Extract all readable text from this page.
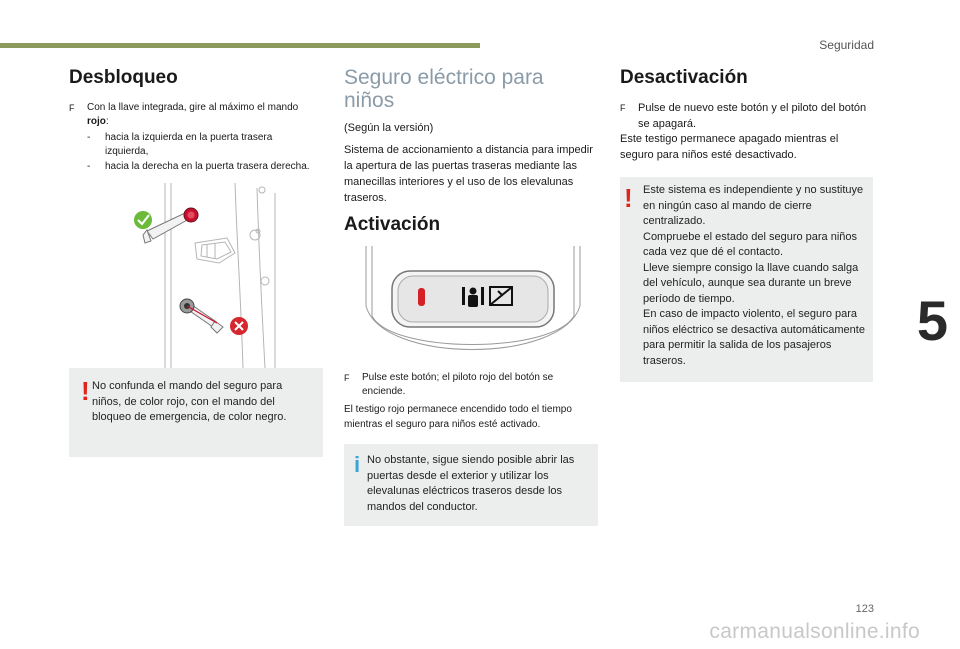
Seguridad
5
123
carmanualsonline.info
Desbloqueo
F	Con la llave integrada, gire al máximo el mando
rojo:
-	hacia la izquierda en la puerta trasera izquierda,
-	hacia la derecha en la puerta trasera derecha.
! No confunda el mando del seguro para niños, de color rojo, con el mando del bloqueo de emergencia, de color negro.
Seguro eléctrico para niños
(Según la versión)
Sistema de accionamiento a distancia para impedir la apertura de las puertas traseras mediante las manecillas interiores y el uso de los elevalunas traseros.
Activación
F	Pulse este botón; el piloto rojo del botón se enciende.
El testigo rojo permanece encendido todo el tiempo mientras el seguro para niños esté activado.
i No obstante, sigue siendo posible abrir las puertas desde el exterior y utilizar los elevalunas eléctricos traseros desde los mandos del conductor.
Desactivación
F	Pulse de nuevo este botón y el piloto del botón se apagará.
Este testigo permanece apagado mientras el seguro para niños esté desactivado.
! Este sistema es independiente y no sustituye en ningún caso al mando de cierre centralizado.
Compruebe el estado del seguro para niños cada vez que dé el contacto.
Lleve siempre consigo la llave cuando salga del vehículo, aunque sea durante un breve período de tiempo.
En caso de impacto violento, el seguro para niños eléctrico se desactiva automáticamente para permitir la salida de los pasajeros traseros.
